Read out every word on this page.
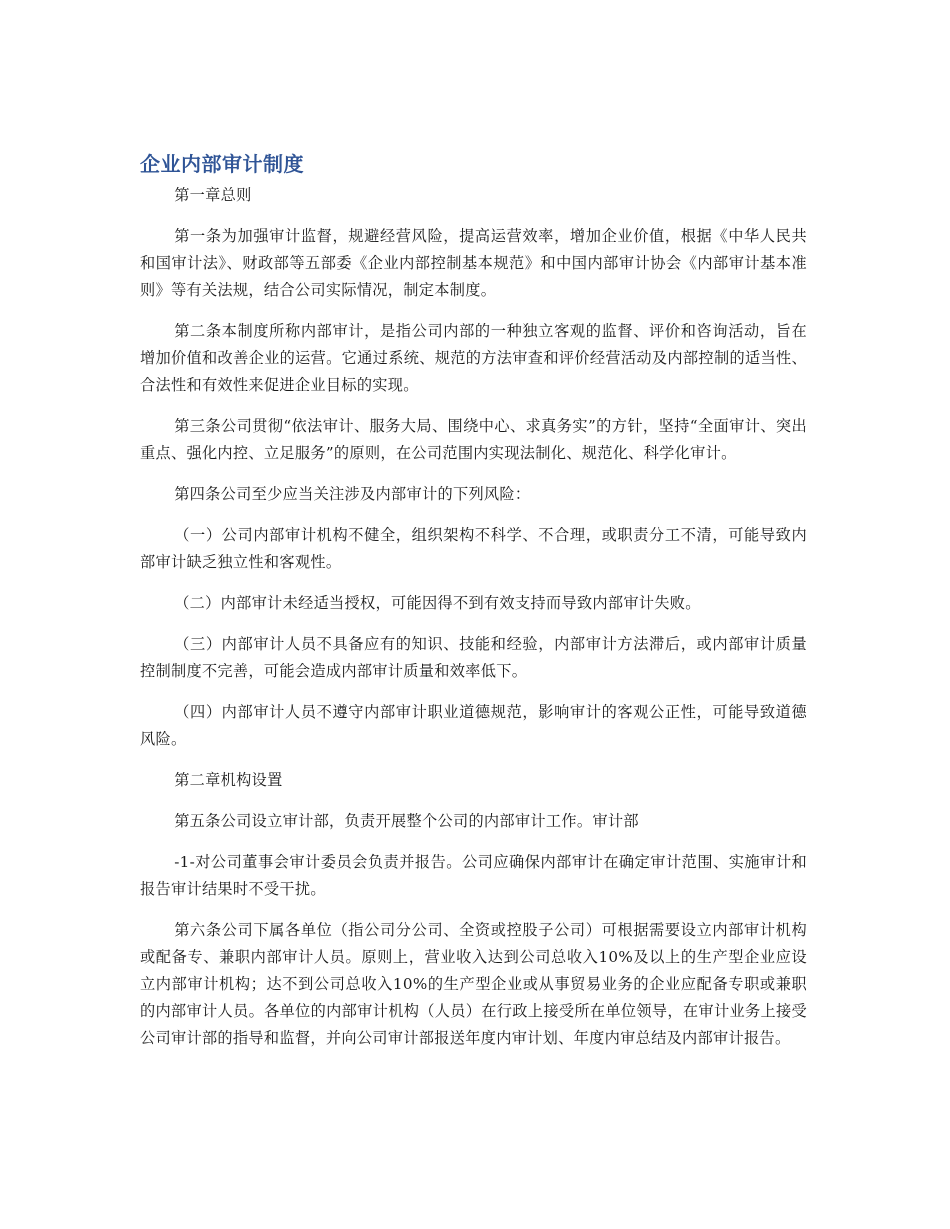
企业内部审计制度

第一章总则

第一条为加强审计监督，规避经营风险，提高运营效率，增加企业价值，根据《中华人民共和国审计法》、财政部等五部委《企业内部控制基本规范》和中国内部审计协会《内部审计基本准则》等有关法规，结合公司实际情况，制定本制度。

第二条本制度所称内部审计，是指公司内部的一种独立客观的监督、评价和咨询活动，旨在增加价值和改善企业的运营。它通过系统、规范的方法审查和评价经营活动及内部控制的适当性、合法性和有效性来促进企业目标的实现。

第三条公司贯彻“依法审计、服务大局、围绕中心、求真务实”的方针，坚持“全面审计、突出重点、强化内控、立足服务”的原则，在公司范围内实现法制化、规范化、科学化审计。

第四条公司至少应当关注涉及内部审计的下列风险：

（一）公司内部审计机构不健全，组织架构不科学、不合理，或职责分工不清，可能导致内部审计缺乏独立性和客观性。

（二）内部审计未经适当授权，可能因得不到有效支持而导致内部审计失败。

（三）内部审计人员不具备应有的知识、技能和经验，内部审计方法滞后，或内部审计质量控制制度不完善，可能会造成内部审计质量和效率低下。

（四）内部审计人员不遵守内部审计职业道德规范，影响审计的客观公正性，可能导致道德风险。

第二章机构设置

第五条公司设立审计部，负责开展整个公司的内部审计工作。审计部

-1-对公司董事会审计委员会负责并报告。公司应确保内部审计在确定审计范围、实施审计和报告审计结果时不受干扰。

第六条公司下属各单位（指公司分公司、全资或控股子公司）可根据需要设立内部审计机构或配备专、兼职内部审计人员。原则上，营业收入达到公司总收入10%及以上的生产型企业应设立内部审计机构；达不到公司总收入10%的生产型企业或从事贸易业务的企业应配备专职或兼职的内部审计人员。各单位的内部审计机构（人员）在行政上接受所在单位领导，在审计业务上接受公司审计部的指导和监督，并向公司审计部报送年度内审计划、年度内审总结及内部审计报告。
